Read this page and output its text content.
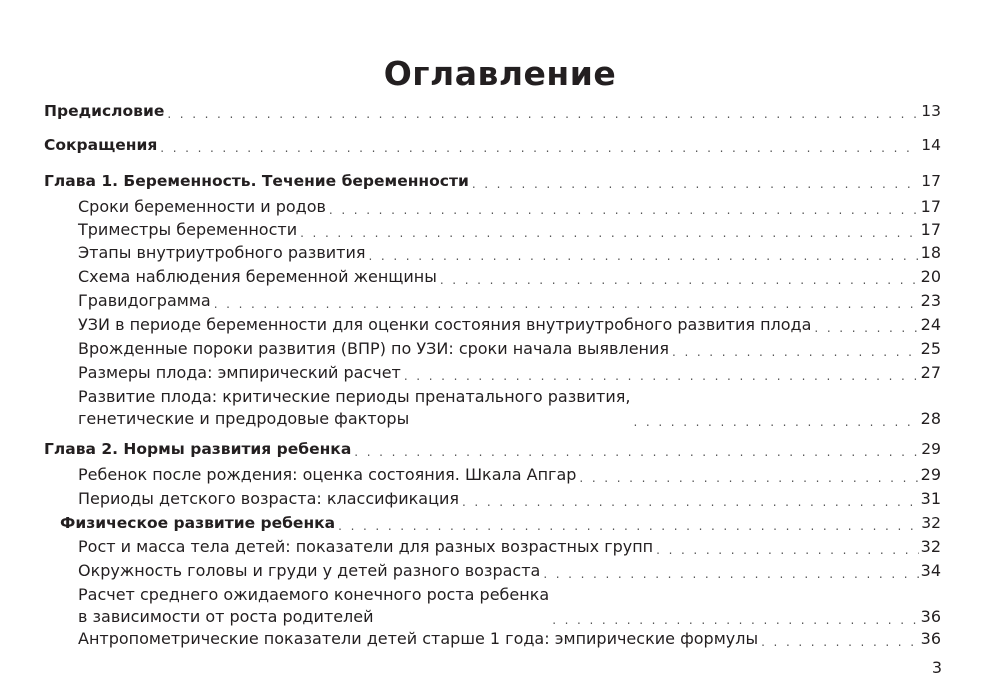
Оглавление
Предисловие . . .	13
Сокращения . . .	14
Глава 1. Беременность. Течение беременности . . .	17
Сроки беременности и родов . . .	17
Триместры беременности . . .	17
Этапы внутриутробного развития . . .	18
Схема наблюдения беременной женщины . . .	20
Гравидограмма . . .	23
УЗИ в периоде беременности для оценки состояния внутриутробного развития плода . . .	24
Врожденные пороки развития (ВПР) по УЗИ: сроки начала выявления . . .	25
Размеры плода: эмпирический расчет . . .	27
Развитие плода: критические периоды пренатального развития,
генетические и предродовые факторы . . .	28
Глава 2. Нормы развития ребенка . . .	29
Ребенок после рождения: оценка состояния. Шкала Апгар . . .	29
Периоды детского возраста: классификация . . .	31
Физическое развитие ребенка . . .	32
Рост и масса тела детей: показатели для разных возрастных групп . . .	32
Окружность головы и груди у детей разного возраста . . .	34
Расчет среднего ожидаемого конечного роста ребенка
в зависимости от роста родителей . . .	36
Антропометрические показатели детей старше 1 года: эмпирические формулы . . .	36
3
